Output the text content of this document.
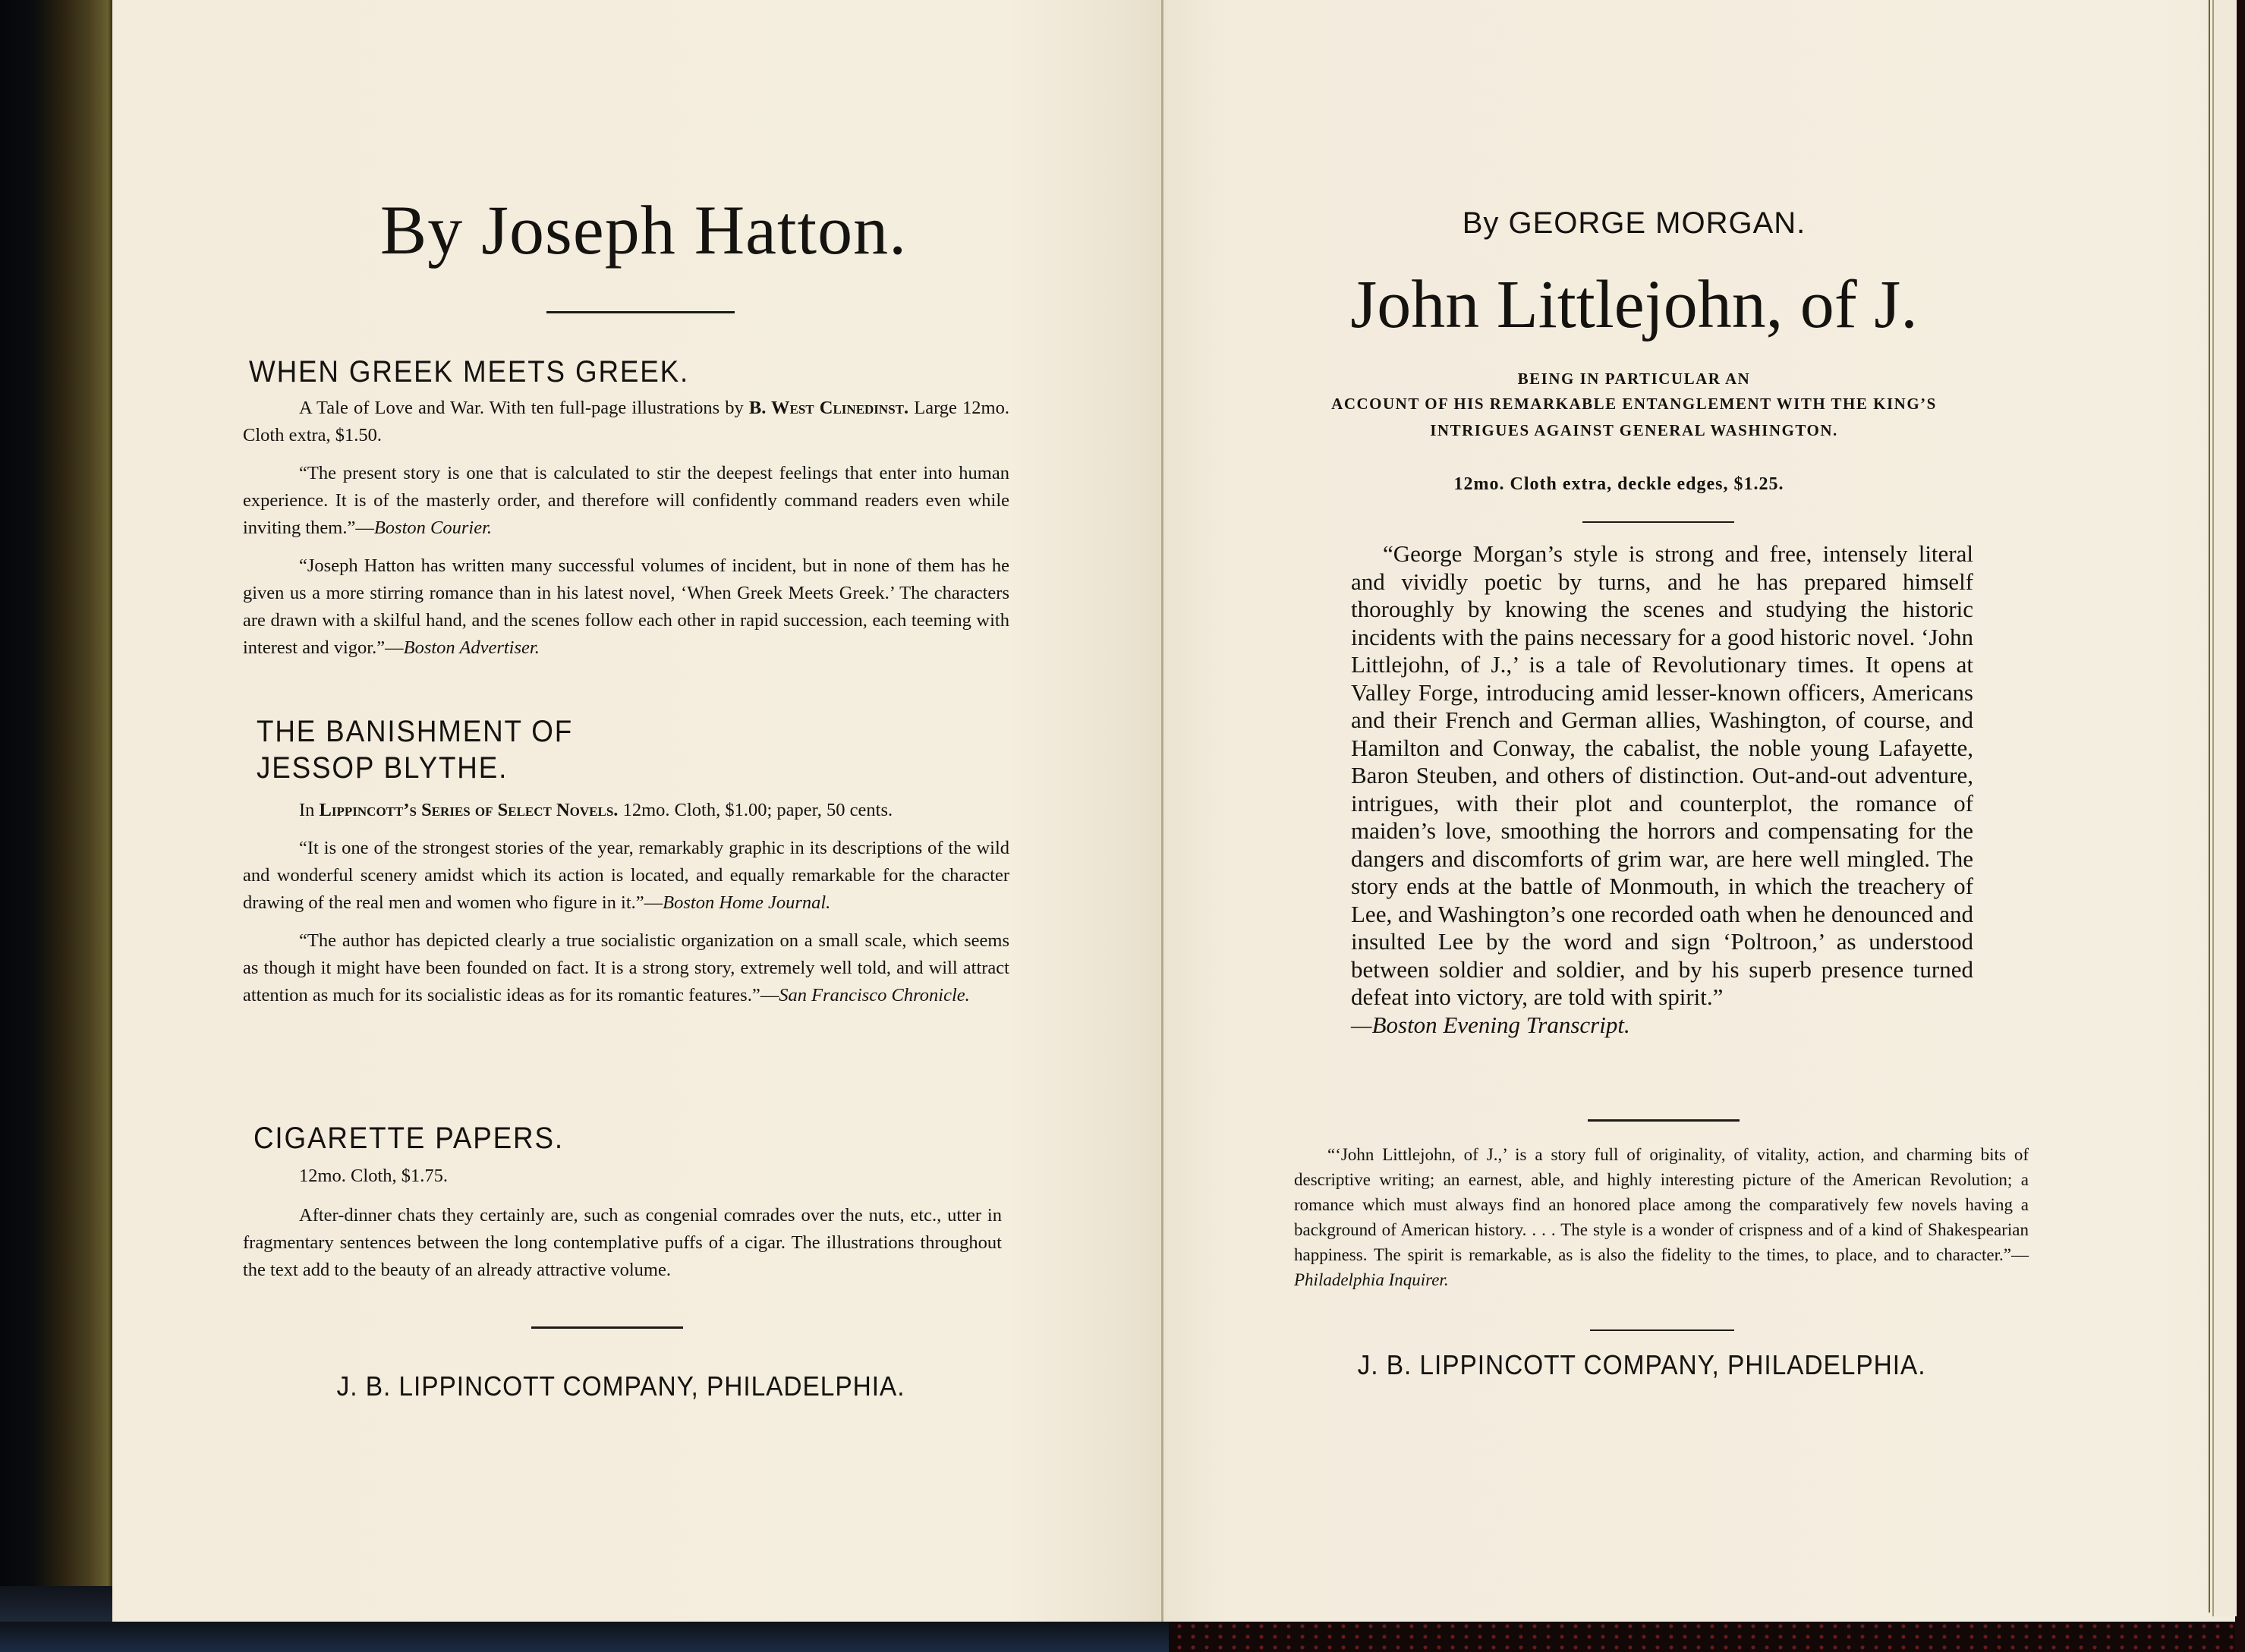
By Joseph Hatton.
WHEN GREEK MEETS GREEK.

A Tale of Love and War. With ten full-page illustrations by B. West Clinedinst. Large 12mo. Cloth extra, $1.50.

“The present story is one that is calculated to stir the deepest feelings that enter into human experience. It is of the masterly order, and therefore will confidently command readers even while inviting them.”—Boston Courier.

“Joseph Hatton has written many successful volumes of incident, but in none of them has he given us a more stirring romance than in his latest novel, ‘When Greek Meets Greek.’ The characters are drawn with a skilful hand, and the scenes follow each other in rapid succession, each teeming with interest and vigor.”—Boston Advertiser.

THE BANISHMENT OF
JESSOP BLYTHE.

In Lippincott’s Series of Select Novels. 12mo. Cloth, $1.00; paper, 50 cents.

“It is one of the strongest stories of the year, remarkably graphic in its descriptions of the wild and wonderful scenery amidst which its action is located, and equally remarkable for the character drawing of the real men and women who figure in it.”—Boston Home Journal.

“The author has depicted clearly a true socialistic organization on a small scale, which seems as though it might have been founded on fact. It is a strong story, extremely well told, and will attract attention as much for its socialistic ideas as for its romantic features.”—San Francisco Chronicle.

CIGARETTE PAPERS.

12mo. Cloth, $1.75.

After-dinner chats they certainly are, such as congenial comrades over the nuts, etc., utter in fragmentary sentences between the long contemplative puffs of a cigar. The illustrations throughout the text add to the beauty of an already attractive volume.

J. B. LIPPINCOTT COMPANY, PHILADELPHIA.
By GEORGE MORGAN.
John Littlejohn, of J.
BEING IN PARTICULAR AN
ACCOUNT OF HIS REMARKABLE ENTANGLEMENT WITH THE KING’S
INTRIGUES AGAINST GENERAL WASHINGTON.
12mo. Cloth extra, deckle edges, $1.25.

“George Morgan’s style is strong and free, intensely literal and vividly poetic by turns, and he has prepared himself thoroughly by knowing the scenes and studying the historic incidents with the pains necessary for a good historic novel. ‘John Littlejohn, of J.,’ is a tale of Revolutionary times. It opens at Valley Forge, introducing amid lesser-known officers, Americans and their French and German allies, Washington, of course, and Hamilton and Conway, the cabalist, the noble young Lafayette, Baron Steuben, and others of distinction. Out-and-out adventure, intrigues, with their plot and counterplot, the romance of maiden’s love, smoothing the horrors and compensating for the dangers and discomforts of grim war, are here well mingled. The story ends at the battle of Monmouth, in which the treachery of Lee, and Washington’s one recorded oath when he denounced and insulted Lee by the word and sign ‘Poltroon,’ as understood between soldier and soldier, and by his superb presence turned defeat into victory, are told with spirit.”

—Boston Evening Transcript.

“‘John Littlejohn, of J.,’ is a story full of originality, of vitality, action, and charming bits of descriptive writing; an earnest, able, and highly interesting picture of the American Revolution; a romance which must always find an honored place among the comparatively few novels having a background of American history. . . . The style is a wonder of crispness and of a kind of Shakespearian happiness. The spirit is remarkable, as is also the fidelity to the times, to place, and to character.”—Philadelphia Inquirer.

J. B. LIPPINCOTT COMPANY, PHILADELPHIA.
